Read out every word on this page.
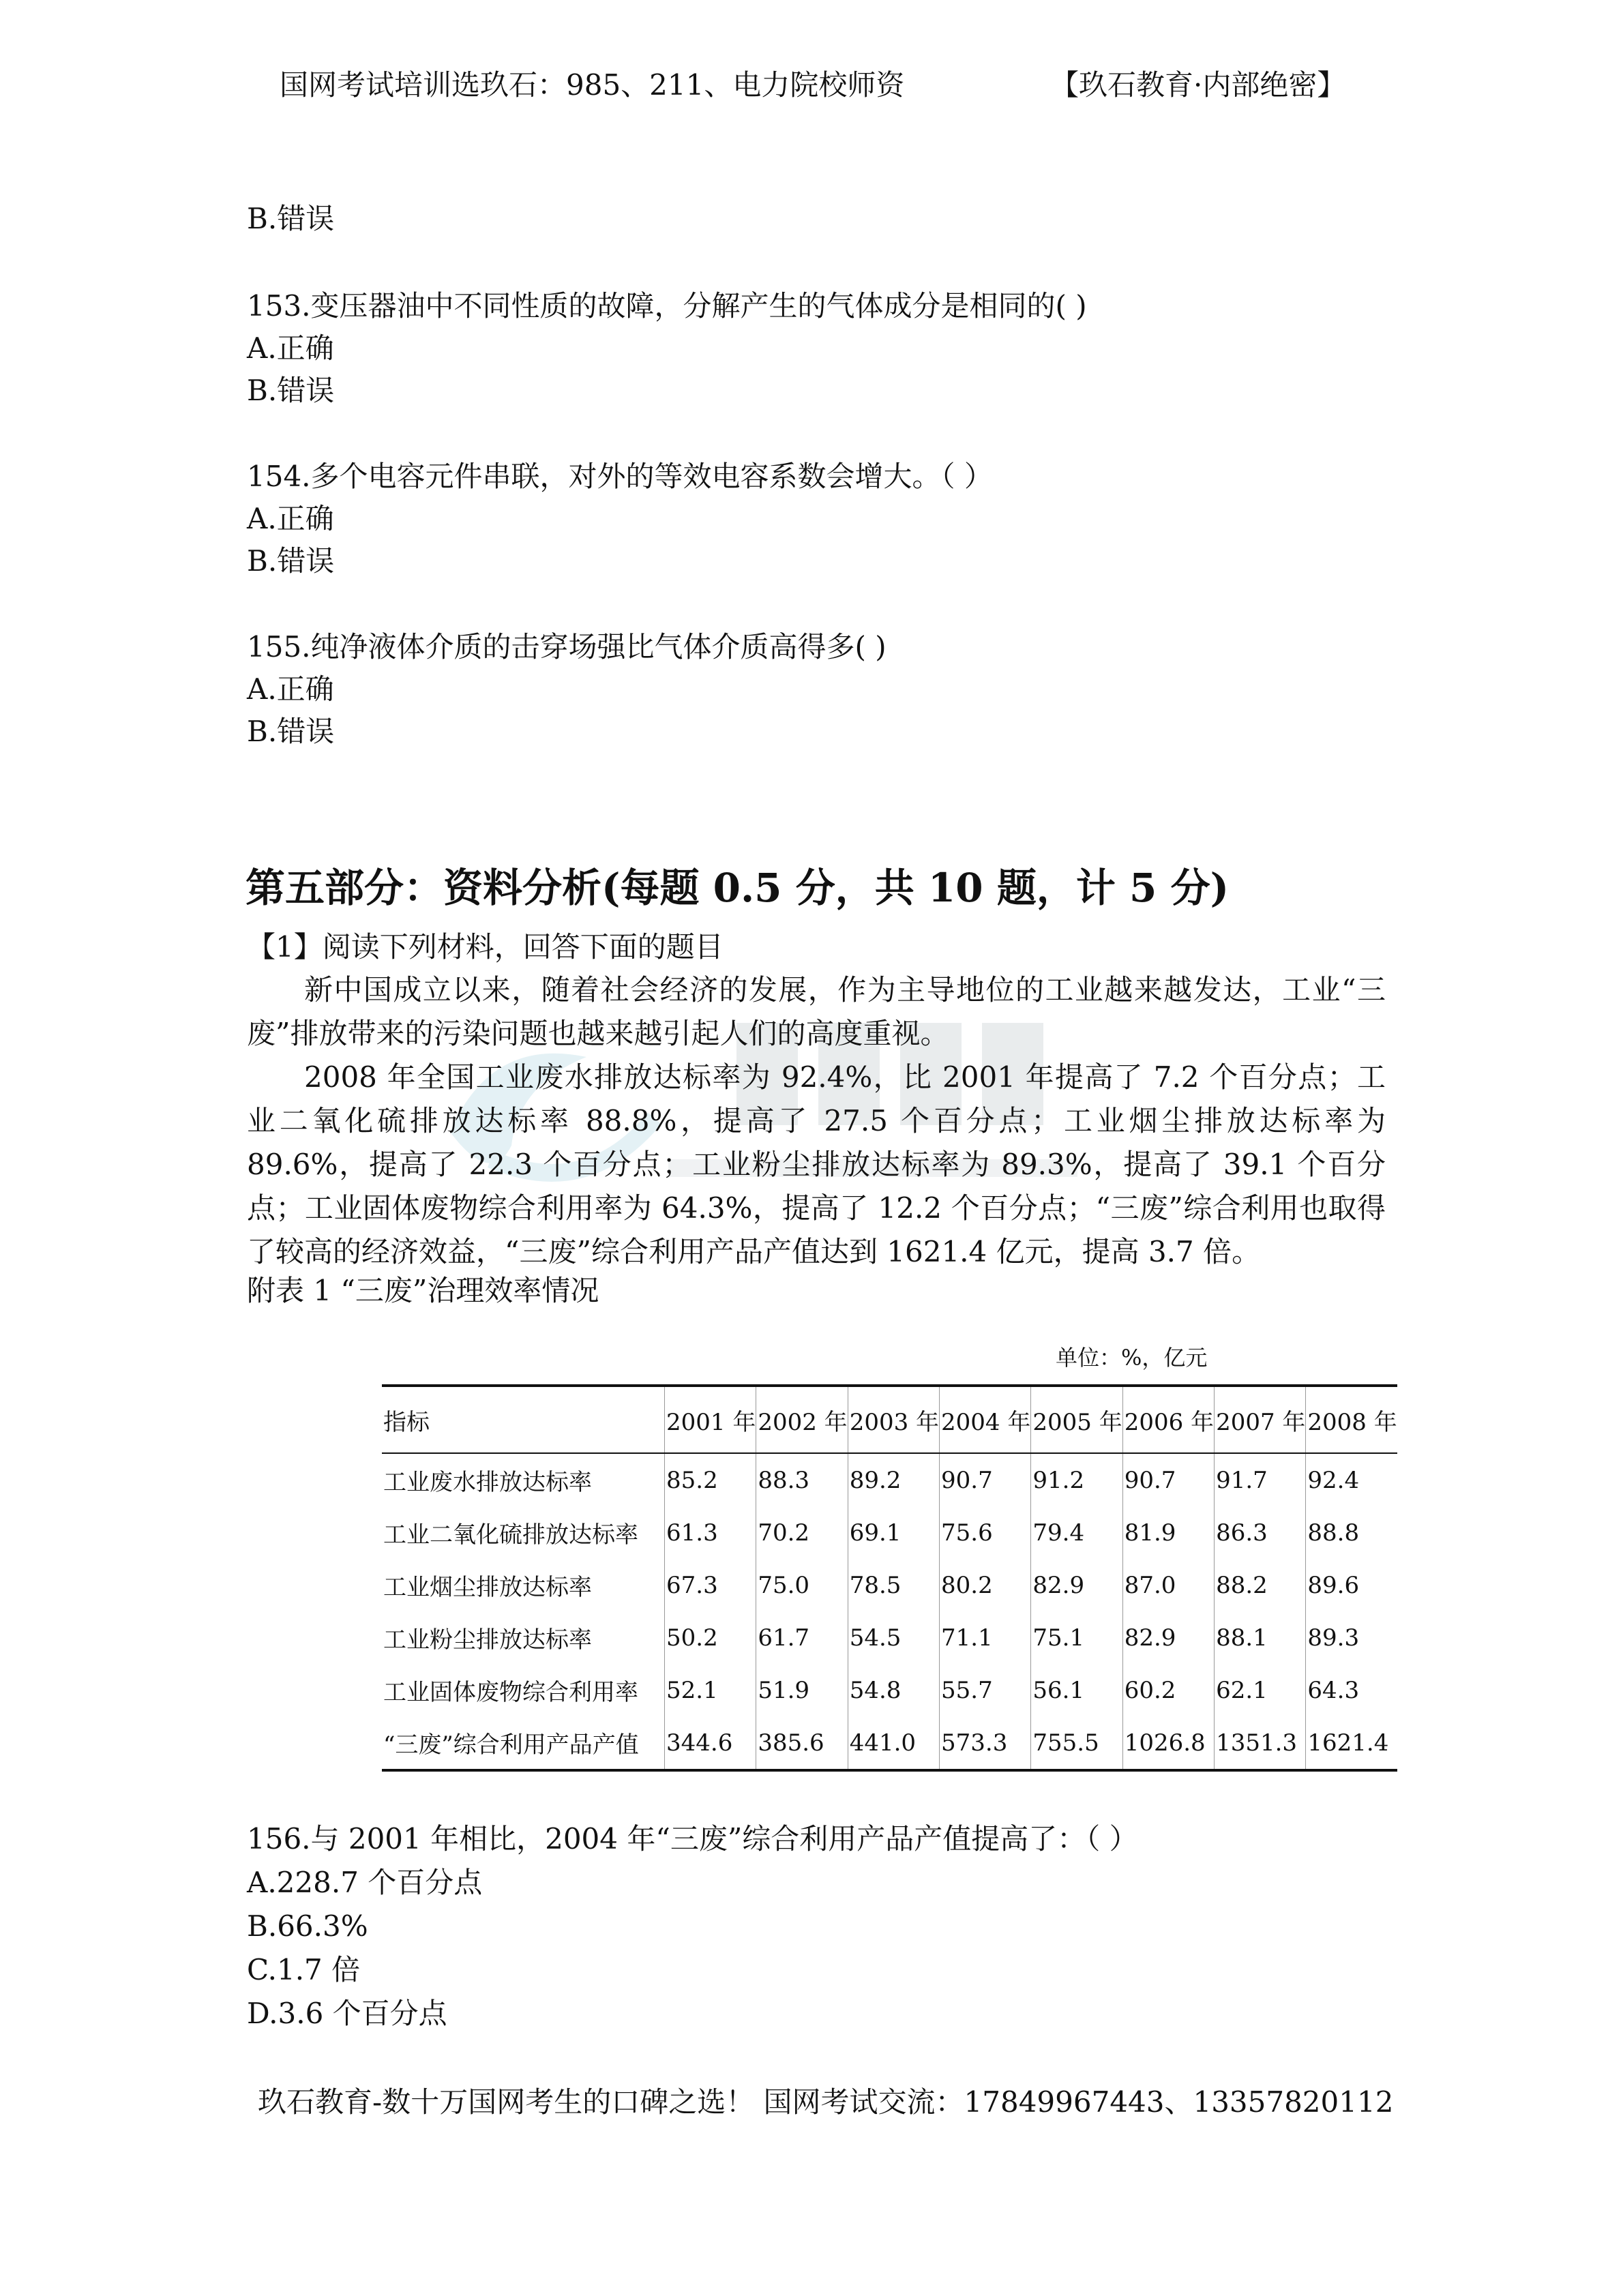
国网考试培训选玖石：985、211、电力院校师资	【玖石教育·内部绝密】
B.错误
153.变压器油中不同性质的故障，分解产生的气体成分是相同的( )
A.正确
B.错误
154.多个电容元件串联，对外的等效电容系数会增大。（ ）
A.正确
B.错误
155.纯净液体介质的击穿场强比气体介质高得多( )
A.正确
B.错误
第五部分：资料分析(每题 0.5 分，共 10 题，计 5 分)
【1】阅读下列材料，回答下面的题目
新中国成立以来，随着社会经济的发展，作为主导地位的工业越来越发达，工业“三废”排放带来的污染问题也越来越引起人们的高度重视。
2008 年全国工业废水排放达标率为 92.4%，比 2001 年提高了 7.2 个百分点；工业二氧化硫排放达标率 88.8%，提高了 27.5 个百分点；工业烟尘排放达标率为 89.6%，提高了 22.3 个百分点；工业粉尘排放达标率为 89.3%，提高了 39.1 个百分点；工业固体废物综合利用率为 64.3%，提高了 12.2 个百分点；“三废”综合利用也取得了较高的经济效益，“三废”综合利用产品产值达到 1621.4 亿元，提高 3.7 倍。
附表 1 “三废”治理效率情况
单位：%，亿元
指标	2001 年	2002 年	2003 年	2004 年	2005 年	2006 年	2007 年	2008 年
工业废水排放达标率	85.2	88.3	89.2	90.7	91.2	90.7	91.7	92.4
工业二氧化硫排放达标率	61.3	70.2	69.1	75.6	79.4	81.9	86.3	88.8
工业烟尘排放达标率	67.3	75.0	78.5	80.2	82.9	87.0	88.2	89.6
工业粉尘排放达标率	50.2	61.7	54.5	71.1	75.1	82.9	88.1	89.3
工业固体废物综合利用率	52.1	51.9	54.8	55.7	56.1	60.2	62.1	64.3
“三废”综合利用产品产值	344.6	385.6	441.0	573.3	755.5	1026.8	1351.3	1621.4
156.与 2001 年相比，2004 年“三废”综合利用产品产值提高了：（ ）
A.228.7 个百分点
B.66.3%
C.1.7 倍
D.3.6 个百分点
玖石教育-数十万国网考生的口碑之选！ 国网考试交流：17849967443、13357820112
